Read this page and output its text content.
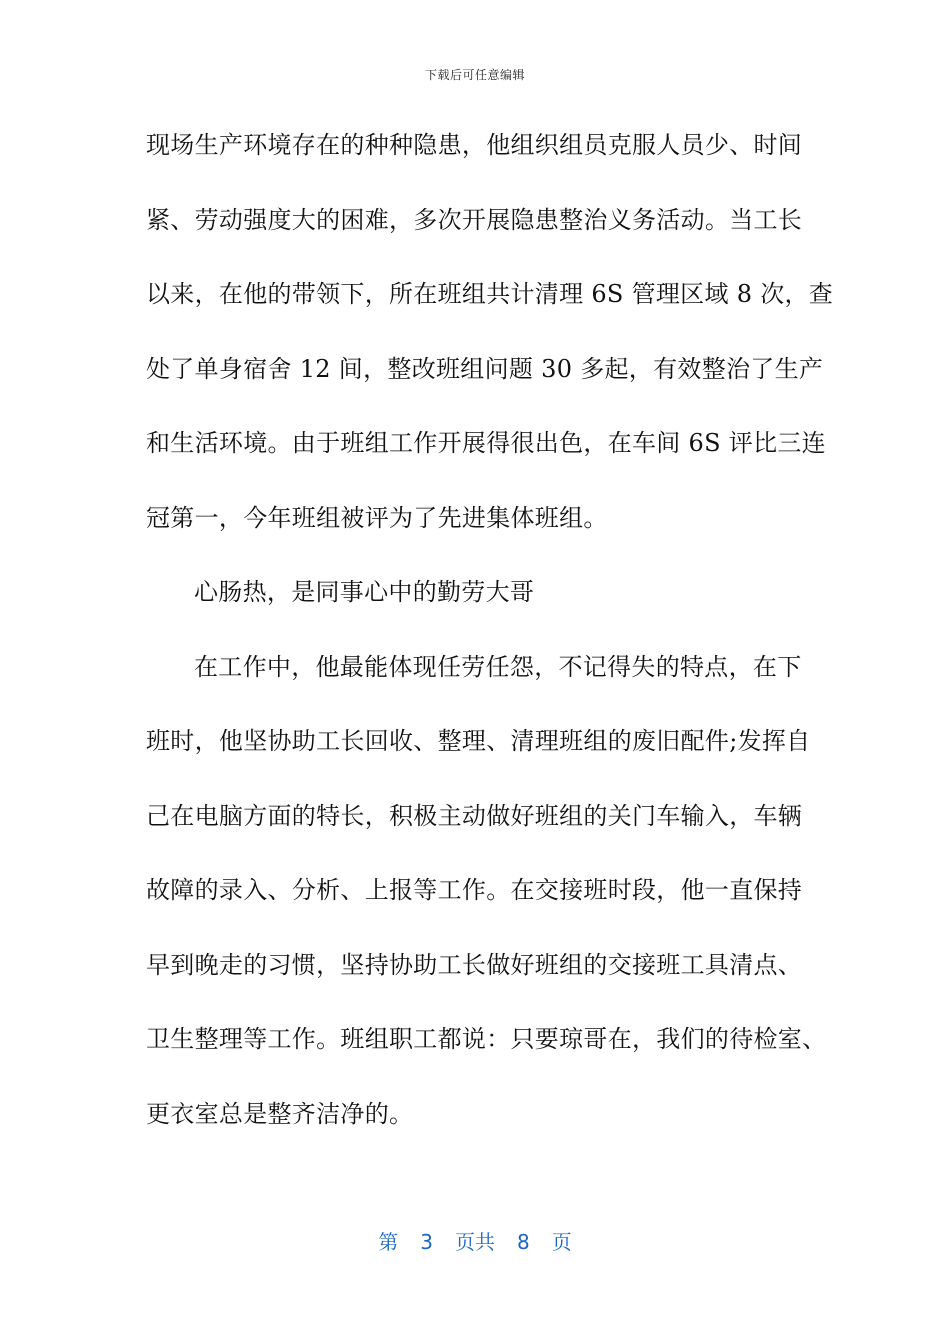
下载后可任意编辑
现场生产环境存在的种种隐患，他组织组员克服人员少、时间
紧、劳动强度大的困难，多次开展隐患整治义务活动。当工长
以来，在他的带领下，所在班组共计清理 6S 管理区域 8 次，查
处了单身宿舍 12 间，整改班组问题 30 多起，有效整治了生产
和生活环境。由于班组工作开展得很出色，在车间 6S 评比三连
冠第一，今年班组被评为了先进集体班组。
心肠热，是同事心中的勤劳大哥
在工作中，他最能体现任劳任怨，不记得失的特点，在下
班时，他坚协助工长回收、整理、清理班组的废旧配件;发挥自
己在电脑方面的特长，积极主动做好班组的关门车输入，车辆
故障的录入、分析、上报等工作。在交接班时段，他一直保持
早到晚走的习惯，坚持协助工长做好班组的交接班工具清点、
卫生整理等工作。班组职工都说：只要琼哥在，我们的待检室、
更衣室总是整齐洁净的。
第 3 页共 8 页
